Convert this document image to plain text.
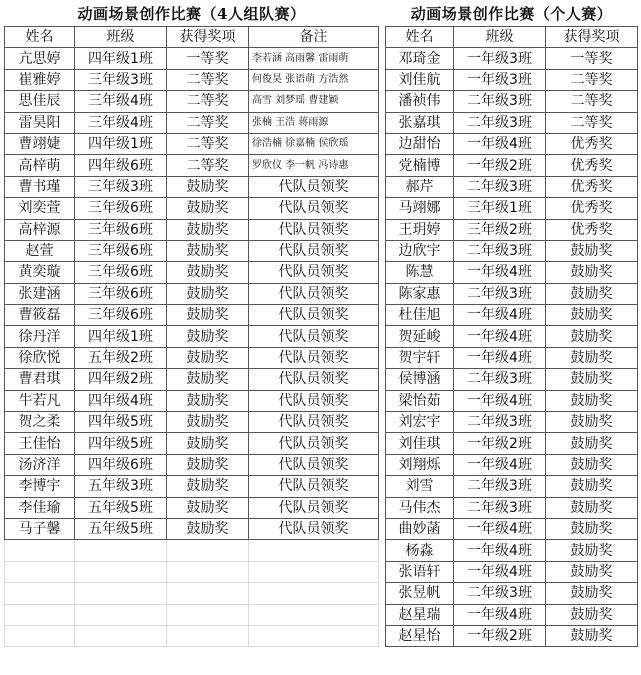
动画场景创作比赛（4人组队赛）
姓名	班级	获得奖项	备注
亢思婷	四年级1班	一等奖	李若涵 高雨馨 雷雨萌
崔雅婷	三年级3班	二等奖	何俊昊 张语萌 方浩然
思佳辰	三年级4班	二等奖	高雪 刘梦瑶 曹建颖
雷昊阳	三年级4班	二等奖	张楠 王浩 蒋雨源
曹翊婕	四年级1班	二等奖	徐浩楠 徐嘉楠 侯欣瑶
高梓萌	四年级6班	二等奖	罗欣仪 李一帆 冯诗惠
曹书瑾	三年级3班	鼓励奖	代队员领奖
刘奕萱	三年级6班	鼓励奖	代队员领奖
高梓源	三年级6班	鼓励奖	代队员领奖
赵萱	三年级6班	鼓励奖	代队员领奖
黄奕璇	三年级6班	鼓励奖	代队员领奖
张建涵	三年级6班	鼓励奖	代队员领奖
曹筱磊	三年级6班	鼓励奖	代队员领奖
徐丹洋	四年级1班	鼓励奖	代队员领奖
徐欣悦	五年级2班	鼓励奖	代队员领奖
曹君琪	四年级2班	鼓励奖	代队员领奖
牛若凡	四年级4班	鼓励奖	代队员领奖
贺之柔	四年级5班	鼓励奖	代队员领奖
王佳怡	四年级5班	鼓励奖	代队员领奖
汤济洋	四年级6班	鼓励奖	代队员领奖
李博宇	五年级3班	鼓励奖	代队员领奖
李佳瑜	五年级5班	鼓励奖	代队员领奖
马子馨	五年级5班	鼓励奖	代队员领奖

动画场景创作比赛（个人赛）
姓名	班级	获得奖项
邓琦金	一年级3班	一等奖
刘佳航	一年级3班	二等奖
潘祯伟	二年级3班	二等奖
张嘉琪	二年级3班	二等奖
边甜怡	一年级4班	优秀奖
党楠博	一年级2班	优秀奖
郝芹	二年级3班	优秀奖
马翊娜	三年级1班	优秀奖
王玥婷	三年级2班	优秀奖
边欣宇	二年级3班	鼓励奖
陈慧	一年级4班	鼓励奖
陈家惠	二年级3班	鼓励奖
杜佳旭	一年级4班	鼓励奖
贺延峻	一年级4班	鼓励奖
贺宇轩	一年级4班	鼓励奖
侯博涵	二年级3班	鼓励奖
梁怡茹	一年级4班	鼓励奖
刘宏宇	二年级3班	鼓励奖
刘佳琪	一年级2班	鼓励奖
刘翔烁	一年级4班	鼓励奖
刘雪	二年级3班	鼓励奖
马伟杰	二年级3班	鼓励奖
曲妙菡	一年级4班	鼓励奖
杨淼	一年级4班	鼓励奖
张语轩	一年级4班	鼓励奖
张昱帆	二年级3班	鼓励奖
赵星瑞	一年级4班	鼓励奖
赵星怡	一年级2班	鼓励奖
